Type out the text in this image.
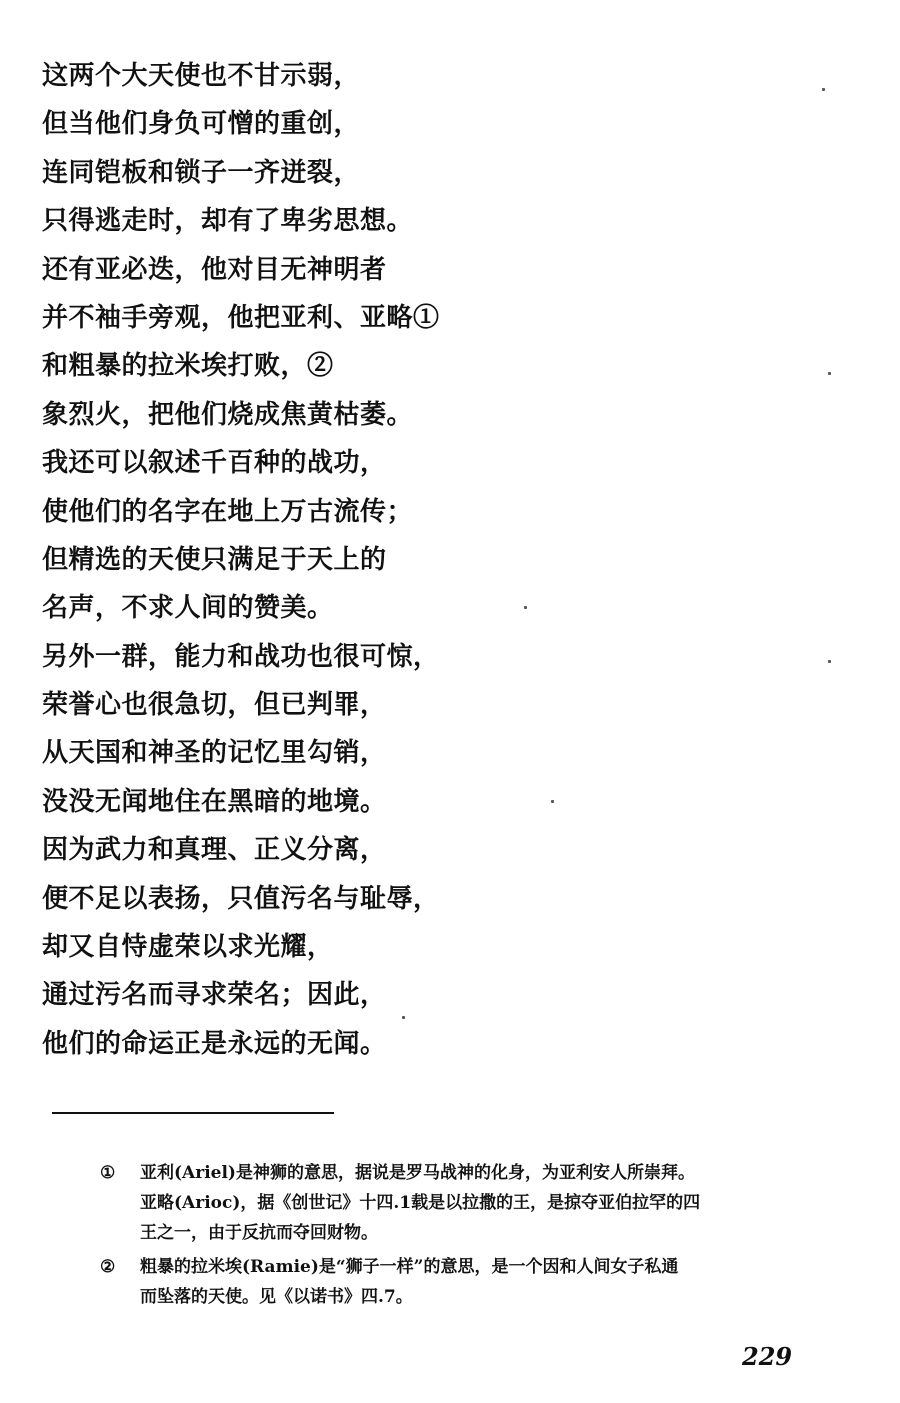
这两个大天使也不甘示弱，
但当他们身负可憎的重创，
连同铠板和锁子一齐迸裂，
只得逃走时，却有了卑劣思想。
还有亚必迭，他对目无神明者
并不袖手旁观，他把亚利、亚略①
和粗暴的拉米埃打败，②
象烈火，把他们烧成焦黄枯萎。
我还可以叙述千百种的战功，
使他们的名字在地上万古流传；
但精选的天使只满足于天上的
名声，不求人间的赞美。
另外一群，能力和战功也很可惊，
荣誉心也很急切，但已判罪，
从天国和神圣的记忆里勾销，
没没无闻地住在黑暗的地境。
因为武力和真理、正义分离，
便不足以表扬，只值污名与耻辱，
却又自恃虚荣以求光耀，
通过污名而寻求荣名；因此，
他们的命运正是永远的无闻。
①	亚利(Ariel)是神狮的意思，据说是罗马战神的化身，为亚利安人所崇拜。
亚略(Arioc)，据《创世记》十四.1载是以拉撒的王，是掠夺亚伯拉罕的四
王之一，由于反抗而夺回财物。
②	粗暴的拉米埃(Ramie)是“狮子一样”的意思，是一个因和人间女子私通
而坠落的天使。见《以诺书》四.7。
229
